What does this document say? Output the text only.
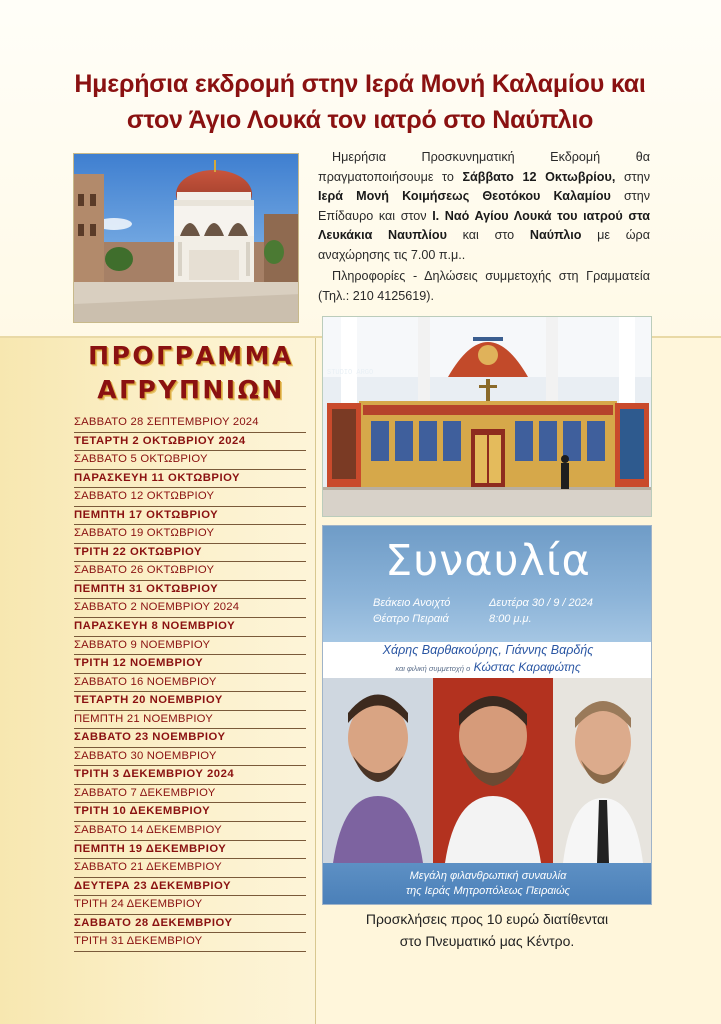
Ημερήσια εκδρομή στην Ιερά Μονή Καλαμίου και
στον Άγιο Λουκά τον ιατρό στο Ναύπλιο

Ημερήσια Προσκυνηματική Εκδρομή θα πραγματοποιήσουμε το Σάββατο 12 Οκτωβρίου, στην Ιερά Μονή Κοιμήσεως Θεοτόκου Καλαμίου στην Επίδαυρο και στον Ι. Ναό Αγίου Λουκά του ιατρού στα Λευκάκια Ναυπλίου και στο Ναύπλιο με ώρα αναχώρησης τις 7.00 π.μ..

Πληροφορίες - Δηλώσεις συμμετοχής στη Γραμματεία (Τηλ.: 210 4125619).

STUDIO ARGO
Συναυλία
Βεάκειο Ανοιχτό
Θέατρο Πειραιά
Δευτέρα 30 / 9 / 2024
8:00 μ.μ.
Χάρης Βαρθακούρης, Γιάννης Βαρδής
και φιλική συμμετοχή ο Κώστας Καραφώτης
Μεγάλη φιλανθρωπική συναυλία
της Ιεράς Μητροπόλεως Πειραιώς
Προσκλήσεις προς 10 ευρώ διατίθενται
στο Πνευματικό μας Κέντρο.
ΠΡΟΓΡΑΜΜΑ
ΑΓΡΥΠΝΙΩΝ
ΣΑΒΒΑΤΟ 28 ΣΕΠΤΕΜΒΡΙΟΥ 2024
ΤΕΤΑΡΤΗ 2 ΟΚΤΩΒΡΙΟΥ 2024
ΣΑΒΒΑΤΟ 5 ΟΚΤΩΒΡΙΟΥ
ΠΑΡΑΣΚΕΥΗ 11 ΟΚΤΩΒΡΙΟΥ
ΣΑΒΒΑΤΟ 12 ΟΚΤΩΒΡΙΟΥ
ΠΕΜΠΤΗ 17 ΟΚΤΩΒΡΙΟΥ
ΣΑΒΒΑΤΟ 19 ΟΚΤΩΒΡΙΟΥ
ΤΡΙΤΗ 22 ΟΚΤΩΒΡΙΟΥ
ΣΑΒΒΑΤΟ 26 ΟΚΤΩΒΡΙΟΥ
ΠΕΜΠΤΗ 31 ΟΚΤΩΒΡΙΟΥ
ΣΑΒΒΑΤΟ 2 ΝΟΕΜΒΡΙΟΥ 2024
ΠΑΡΑΣΚΕΥΗ 8 ΝΟΕΜΒΡΙΟΥ
ΣΑΒΒΑΤΟ 9 ΝΟΕΜΒΡΙΟΥ
ΤΡΙΤΗ 12 ΝΟΕΜΒΡΙΟΥ
ΣΑΒΒΑΤΟ 16 ΝΟΕΜΒΡΙΟΥ
ΤΕΤΑΡΤΗ 20 ΝΟΕΜΒΡΙΟΥ
ΠΕΜΠΤΗ 21 ΝΟΕΜΒΡΙΟΥ
ΣΑΒΒΑΤΟ 23 ΝΟΕΜΒΡΙΟΥ
ΣΑΒΒΑΤΟ 30 ΝΟΕΜΒΡΙΟΥ
ΤΡΙΤΗ 3 ΔΕΚΕΜΒΡΙΟΥ 2024
ΣΑΒΒΑΤΟ 7 ΔΕΚΕΜΒΡΙΟΥ
ΤΡΙΤΗ 10 ΔΕΚΕΜΒΡΙΟΥ
ΣΑΒΒΑΤΟ 14 ΔΕΚΕΜΒΡΙΟΥ
ΠΕΜΠΤΗ 19 ΔΕΚΕΜΒΡΙΟΥ
ΣΑΒΒΑΤΟ 21 ΔΕΚΕΜΒΡΙΟΥ
ΔΕΥΤΕΡΑ 23 ΔΕΚΕΜΒΡΙΟΥ
ΤΡΙΤΗ 24 ΔΕΚΕΜΒΡΙΟΥ
ΣΑΒΒΑΤΟ 28 ΔΕΚΕΜΒΡΙΟΥ
ΤΡΙΤΗ 31 ΔΕΚΕΜΒΡΙΟΥ
